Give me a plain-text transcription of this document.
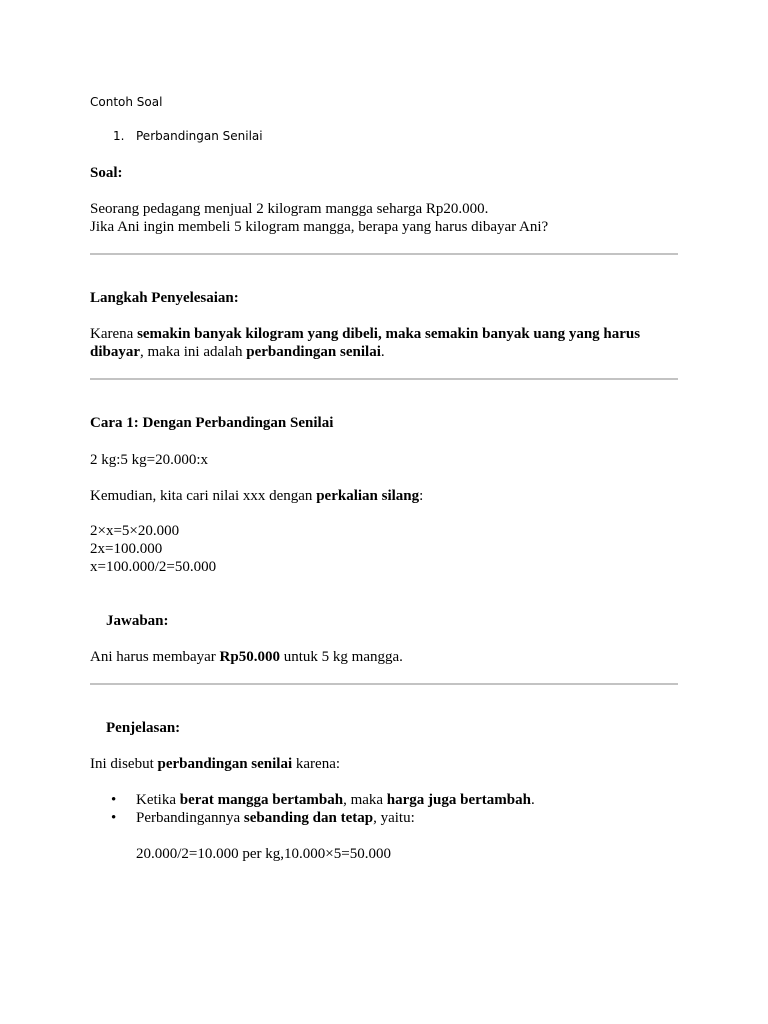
Contoh Soal
1. Perbandingan Senilai
Soal:
Seorang pedagang menjual 2 kilogram mangga seharga Rp20.000.
Jika Ani ingin membeli 5 kilogram mangga, berapa yang harus dibayar Ani?
Langkah Penyelesaian:
Karena semakin banyak kilogram yang dibeli, maka semakin banyak uang yang harus
dibayar, maka ini adalah perbandingan senilai.
Cara 1: Dengan Perbandingan Senilai
2 kg:5 kg=20.000:x
Kemudian, kita cari nilai xxx dengan perkalian silang:
2×x=5×20.000
2x=100.000
x=100.000/2=50.000
Jawaban:
Ani harus membayar Rp50.000 untuk 5 kg mangga.
Penjelasan:
Ini disebut perbandingan senilai karena:
• Ketika berat mangga bertambah, maka harga juga bertambah.
• Perbandingannya sebanding dan tetap, yaitu:
20.000/2=10.000 per kg,10.000×5=50.000
